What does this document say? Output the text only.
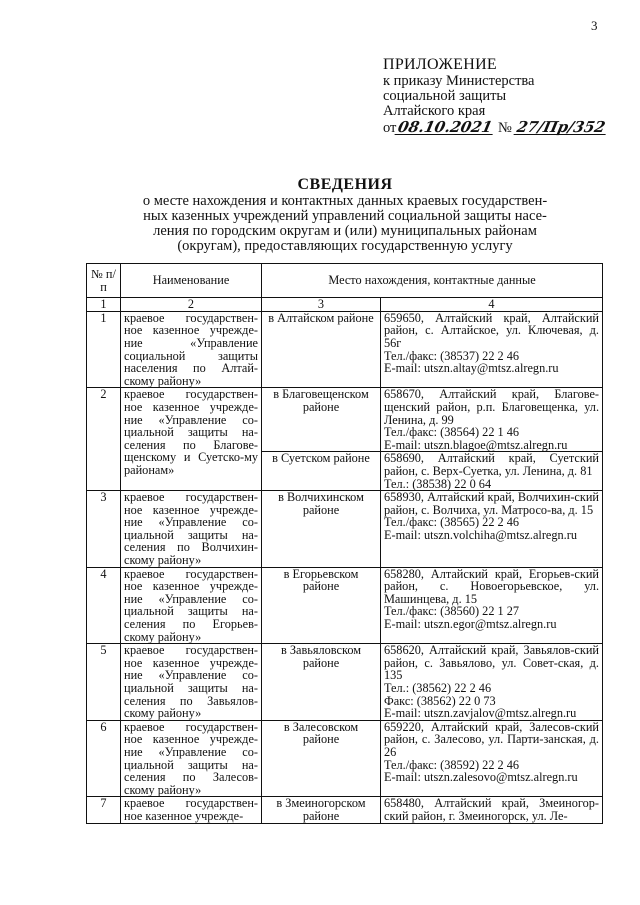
3
ПРИЛОЖЕНИЕ
к приказу Министерства
социальной защиты
Алтайского края
от08.10.2021 № 27/Пр/352
СВЕДЕНИЯ
о месте нахождения и контактных данных краевых государствен-
ных казенных учреждений управлений социальной защиты насе-
ления по городским округам и (или) муниципальных районам
(округам), предоставляющих государственную услугу
№ п/п	Наименование	Место нахождения, контактные данные	
1	2	3	4
1	краевое государствен-ное казенное учрежде-ние «Управление социальной защиты населения по Алтай-скому району»	в Алтайском районе	659650, Алтайский край, Алтайский район, с. Алтайское, ул. Ключевая, д. 56г
Тел./факс: (38537) 22 2 46
E-mail: utszn.altay@mtsz.alregn.ru

2	краевое государствен-ное казенное учрежде-ние «Управление со-циальной защиты на-селения по Благове-щенскому и Суетско-му районам»	в Благовещенском районе	658670, Алтайский край, Благове-щенский район, р.п. Благовещенка, ул. Ленина, д. 99
Тел./факс: (38564) 22 1 46
E-mail: utszn.blagoe@mtsz.alregn.ru

		в Суетском районе	658690, Алтайский край, Суетский район, с. Верх-Суетка, ул. Ленина, д. 81
Тел.: (38538) 22 0 64

3	краевое государствен-ное казенное учрежде-ние «Управление со-циальной защиты на-селения по Волчихин-скому району»	в Волчихинском районе	658930, Алтайский край, Волчихин-ский район, с. Волчиха, ул. Матросо-ва, д. 15
Тел./факс: (38565) 22 2 46
E-mail: utszn.volchiha@mtsz.alregn.ru

4	краевое государствен-ное казенное учрежде-ние «Управление со-циальной защиты на-селения по Егорьев-скому району»	в Егорьевском районе	658280, Алтайский край, Егорьев-ский район, с. Новоегорьевское, ул. Машинцева, д. 15
Тел./факс: (38560) 22 1 27
E-mail: utszn.egor@mtsz.alregn.ru

5	краевое государствен-ное казенное учрежде-ние «Управление со-циальной защиты на-селения по Завьялов-скому району»	в Завьяловском районе	658620, Алтайский край, Завьялов-ский район, с. Завьялово, ул. Совет-ская, д. 135
Тел.: (38562) 22 2 46
Факс: (38562) 22 0 73
E-mail: utszn.zavjalov@mtsz.alregn.ru

6	краевое государствен-ное казенное учрежде-ние «Управление со-циальной защиты на-селения по Залесов-скому району»	в Залесовском районе	659220, Алтайский край, Залесов-ский район, с. Залесово, ул. Парти-занская, д. 26
Тел./факс: (38592) 22 2 46
E-mail: utszn.zalesovo@mtsz.alregn.ru

7	краевое государствен-ное казенное учрежде-	в Змеиногорском районе	658480, Алтайский край, Змеиногор-ский район, г. Змеиногорск, ул. Ле-
